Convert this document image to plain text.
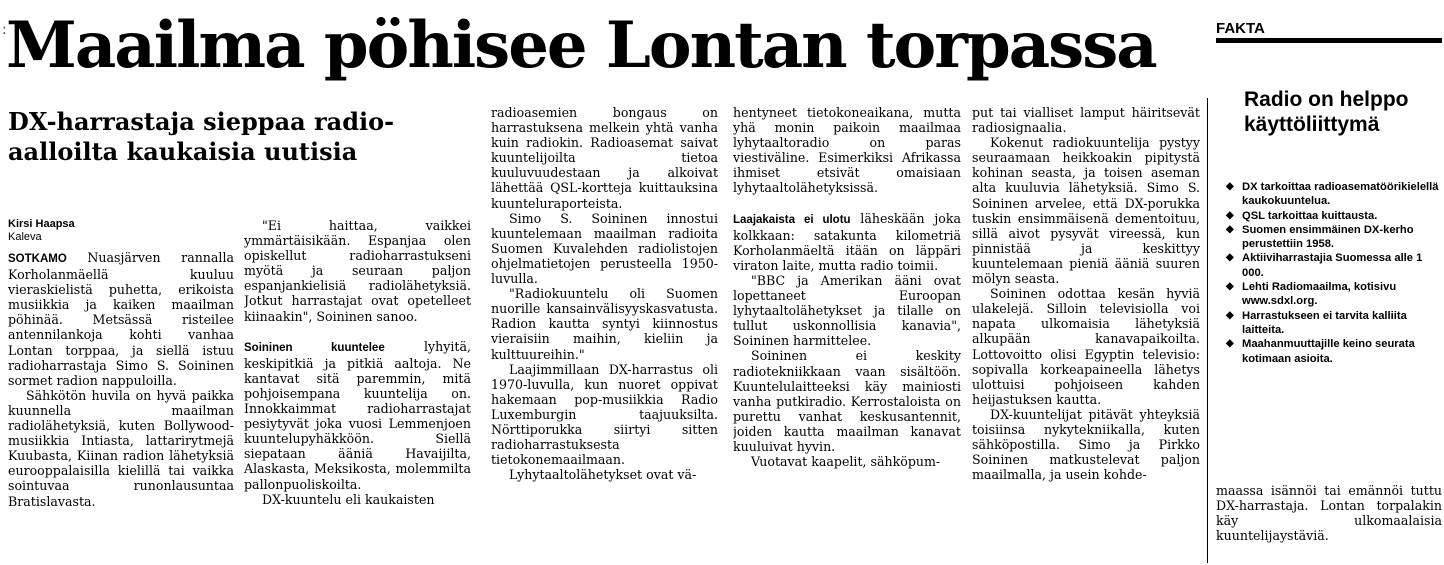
: Maailma pöhisee Lontan torpassa
DX-harrastaja sieppaa radio-aalloilta kaukaisia uutisia
Kirsi Haapsa
Kaleva

SOTKAMO Nuasjärven rannalla Korholanmäellä kuuluu vieraskielistä puhetta, erikoista musiikkia ja kaiken maailman pöhinää. Metsässä risteilee antennilankoja kohti vanhaa Lontan torppaa, ja siellä istuu radioharrastaja Simo S. Soininen sormet radion nappuloilla.

Sähkötön huvila on hyvä paikka kuunnella maailman radiolähetyksiä, kuten Bollywood-musiikkia Intiasta, lattarirytmejä Kuubasta, Kiinan radion lähetyksiä eurooppalaisilla kielillä tai vaikka sointuvaa runonlausuntaa Bratislavasta.

"Ei haittaa, vaikkei ymmärtäisikään. Espanjaa olen opiskellut radioharrastukseni myötä ja seuraan paljon espanjankielisiä radiolähetyksiä. Jotkut harrastajat ovat opetelleet kiinaakin", Soininen sanoo.

Soininen kuuntelee lyhyitä, keskipitkiä ja pitkiä aaltoja. Ne kantavat sitä paremmin, mitä pohjoisempana kuuntelija on. Innokkaimmat radioharrastajat pesiytyvät joka vuosi Lemmenjoen kuuntelupyhäkköön. Siellä siepataan ääniä Havaijilta, Alaskasta, Meksikosta, molemmilta pallonpuoliskoilta.

DX-kuuntelu eli kaukaisten

radioasemien bongaus on harrastuksena melkein yhtä vanha kuin radiokin. Radioasemat saivat kuuntelijoilta tietoa kuuluvuudestaan ja alkoivat lähettää QSL-kortteja kuittauksina kuunteluraporteista.

Simo S. Soininen innostui kuuntelemaan maailman radioita Suomen Kuvalehden radiolistojen ohjelmatietojen perusteella 1950-luvulla.

"Radiokuuntelu oli Suomen nuorille kansainvälisyyskasvatusta. Radion kautta syntyi kiinnostus vieraisiin maihin, kieliin ja kulttuureihin."

Laajimmillaan DX-harrastus oli 1970-luvulla, kun nuoret oppivat hakemaan pop-musiikkia Radio Luxemburgin taajuuksilta. Nörttiporukka siirtyi sitten radioharrastuksesta tietokonemaailmaan.

Lyhytaaltolähetykset ovat vä-

hentyneet tietokoneaikana, mutta yhä monin paikoin maailmaa lyhytaaltoradio on paras viestiväline. Esimerkiksi Afrikassa ihmiset etsivät omaisiaan lyhytaaltolähetyksissä.

Laajakaista ei ulotu läheskään joka kolkkaan: satakunta kilometriä Korholanmäeltä itään on läppäri viraton laite, mutta radio toimii.

"BBC ja Amerikan ääni ovat lopettaneet Euroopan lyhytaaltolähetykset ja tilalle on tullut uskonnollisia kanavia", Soininen harmittelee.

Soininen ei keskity radiotekniikkaan vaan sisältöön. Kuuntelulaitteeksi käy mainiosti vanha putkiradio. Kerrostaloista on purettu vanhat keskusantennit, joiden kautta maailman kanavat kuuluivat hyvin.

Vuotavat kaapelit, sähköpum-

put tai vialliset lamput häiritsevät radiosignaalia.

Kokenut radiokuuntelija pystyy seuraamaan heikkoakin pipitystä kohinan seasta, ja toisen aseman alta kuuluvia lähetyksiä. Simo S. Soininen arvelee, että DX-porukka tuskin ensimmäisenä dementoituu, sillä aivot pysyvät vireessä, kun pinnistää ja keskittyy kuuntelemaan pieniä ääniä suuren mölyn seasta.

Soininen odottaa kesän hyviä ulakelejä. Silloin televisiolla voi napata ulkomaisia lähetyksiä alkupään kanavapaikoilta. Lottovoitto olisi Egyptin televisio: sopivalla korkeapaineella lähetys ulottuisi pohjoiseen kahden heijastuksen kautta.

DX-kuuntelijat pitävät yhteyksiä toisiinsa nykytekniikalla, kuten sähköpostilla. Simo ja Pirkko Soininen matkustelevat paljon maailmalla, ja usein kohde-

maassa isännöi tai emännöi tuttu DX-harrastaja. Lontan torpalakin käy ulkomaalaisia kuuntelijaystäviä.

FAKTA
Radio on helppo käyttöliittymä
◆ DX tarkoittaa radioasematöörikielellä kaukokuuntelua.
◆ QSL tarkoittaa kuittausta.
◆ Suomen ensimmäinen DX-kerho perustettiin 1958.
◆ Aktiiviharrastajia Suomessa alle 1 000.
◆ Lehti Radiomaailma, kotisivu www.sdxl.org.
◆ Harrastukseen ei tarvita kalliita laitteita.
◆ Maahanmuuttajille keino seurata kotimaan asioita.
